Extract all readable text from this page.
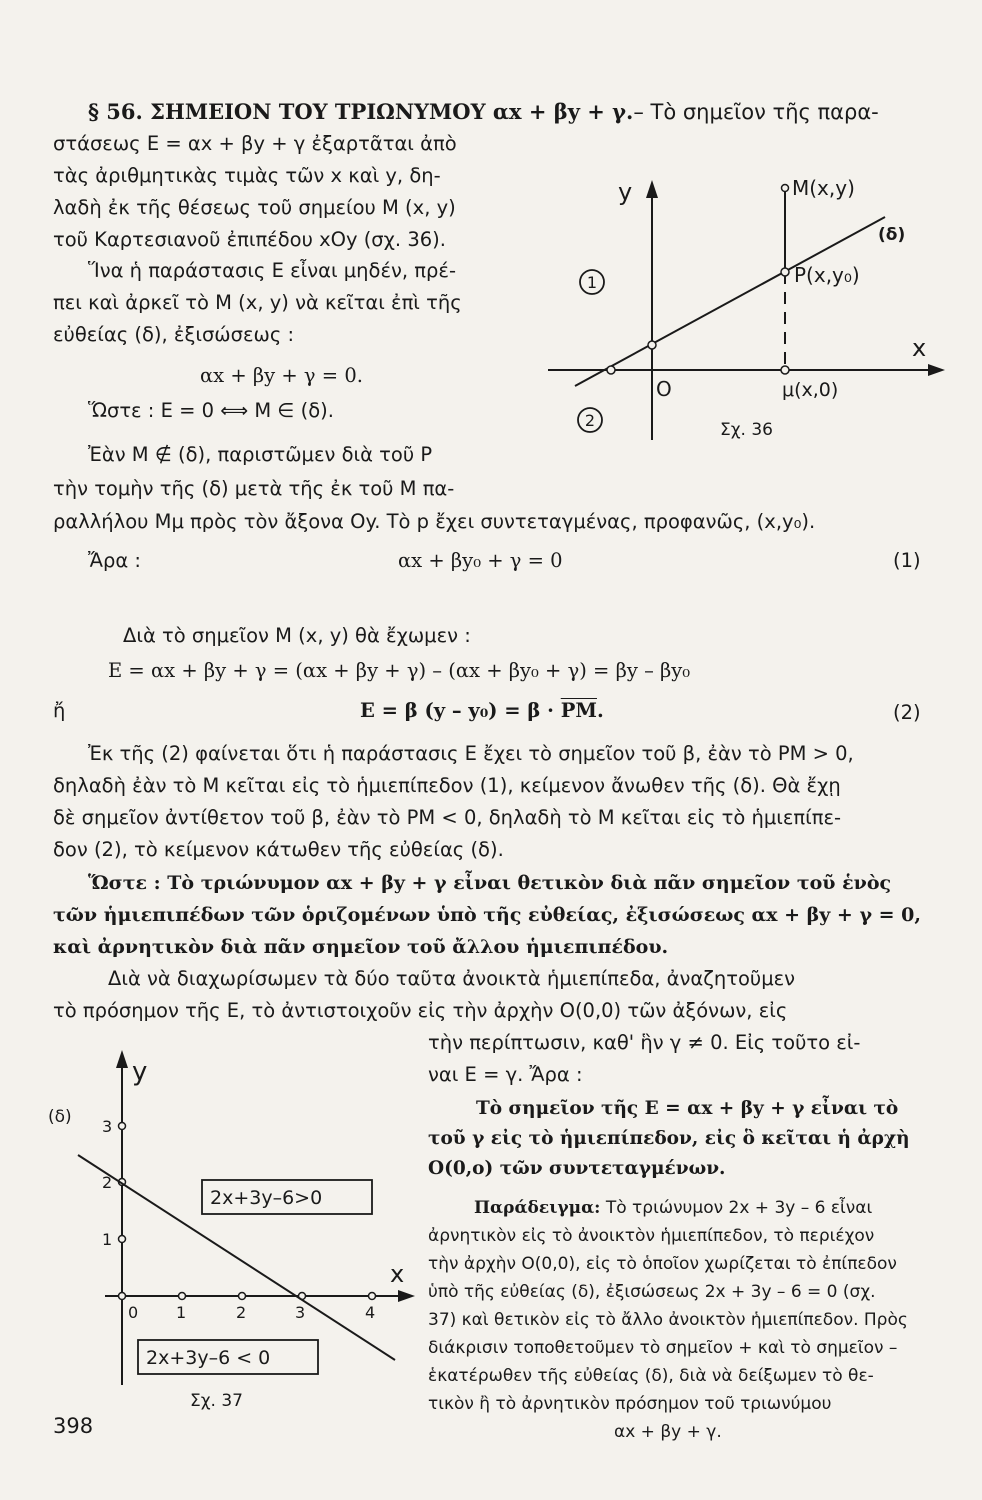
§ 56. ΣΗΜΕΙΟΝ ΤΟΥ ΤΡΙΩΝΥΜΟΥ αx + βy + γ.– Τὸ σημεῖον τῆς παρα-
στάσεως E = αx + βy + γ ἐξαρτᾶται ἀπὸ
τὰς ἀριθμητικὰς τιμὰς τῶν x καὶ y, δη-
λαδὴ ἐκ τῆς θέσεως τοῦ σημείου M (x, y)
τοῦ Καρτεσιανοῦ ἐπιπέδου xOy (σχ. 36).
Ἵνα ἡ παράστασις E εἶναι μηδέν, πρέ-
πει καὶ ἀρκεῖ τὸ M (x, y) νὰ κεῖται ἐπὶ τῆς
εὐθείας (δ), ἐξισώσεως :
αx + βy + γ = 0.
Ὥστε : E = 0 ⟺ M ∈ (δ).
Ἐὰν M ∉ (δ), παριστῶμεν διὰ τοῦ P
τὴν τομὴν τῆς (δ) μετὰ τῆς ἐκ τοῦ M πα-
ραλλήλου Mμ πρὸς τὸν ἄξονα Oy. Τὸ p ἔχει συντεταγμένας, προφανῶς, (x,y₀).
Ἄρα :	αx + βy₀ + γ = 0	(1)
Διὰ τὸ σημεῖον M (x, y) θὰ ἔχωμεν :
E = αx + βy + γ = (αx + βy + γ) – (αx + βy₀ + γ) = βy – βy₀
ἤ	E = β $(y - y_0) = \beta \cdot \overline{PM}$.	(2)
Ἐκ τῆς (2) φαίνεται ὅτι ἡ παράστασις E ἔχει τὸ σημεῖον τοῦ β, ἐὰν τὸ PM > 0,
δηλαδὴ ἐὰν τὸ M κεῖται εἰς τὸ ἡμιεπίπεδον (1), κείμενον ἄνωθεν τῆς (δ). Θὰ ἔχῃ
δὲ σημεῖον ἀντίθετον τοῦ β, ἐὰν τὸ PM < 0, δηλαδὴ τὸ M κεῖται εἰς τὸ ἡμιεπίπε-
δον (2), τὸ κείμενον κάτωθεν τῆς εὐθείας (δ).
Ὥστε : Τὸ τριώνυμον αx + βy + γ εἶναι θετικὸν διὰ πᾶν σημεῖον τοῦ ἑνὸς
τῶν ἡμιεπιπέδων τῶν ὁριζομένων ὑπὸ τῆς εὐθείας, ἐξισώσεως αx + βy + γ = 0,
καὶ ἀρνητικὸν διὰ πᾶν σημεῖον τοῦ ἄλλου ἡμιεπιπέδου.
Διὰ νὰ διαχωρίσωμεν τὰ δύο ταῦτα ἀνοικτὰ ἡμιεπίπεδα, ἀναζητοῦμεν
τὸ πρόσημον τῆς E, τὸ ἀντιστοιχοῦν εἰς τὴν ἀρχὴν O(0,0) τῶν ἀξόνων, εἰς
τὴν περίπτωσιν, καθ' ἣν γ ≠ 0. Εἰς τοῦτο εἰ-
ναι E = γ. Ἄρα :
Τὸ σημεῖον τῆς E = αx + βy + γ εἶναι τὸ
τοῦ γ εἰς τὸ ἡμιεπίπεδον, εἰς ὃ κεῖται ἡ ἀρχὴ
O(0,o) τῶν συντεταγμένων.
Παράδειγμα: Τὸ τριώνυμον 2x + 3y – 6 εἶναι
ἀρνητικὸν εἰς τὸ ἀνοικτὸν ἡμιεπίπεδον, τὸ περιέχον
τὴν ἀρχὴν O(0,0), εἰς τὸ ὁποῖον χωρίζεται τὸ ἐπίπεδον
ὑπὸ τῆς εὐθείας (δ), ἐξισώσεως 2x + 3y – 6 = 0 (σχ.
37) καὶ θετικὸν εἰς τὸ ἄλλο ἀνοικτὸν ἡμιεπίπεδον. Πρὸς
διάκρισιν τοποθετοῦμεν τὸ σημεῖον + καὶ τὸ σημεῖον –
ἑκατέρωθεν τῆς εὐθείας (δ), διὰ νὰ δείξωμεν τὸ θε-
τικὸν ἢ τὸ ἀρνητικὸν πρόσημον τοῦ τριωνύμου
αx + βy + γ.
398
1
2
y
x
M(x,y)
(δ)
P(x,y₀)
O	μ(x,0)
Σχ. 36
3
2
1
0 1	2	3	4
y
x
(δ)
2x+3y–6>0
2x+3y–6 < 0
Σχ. 37
